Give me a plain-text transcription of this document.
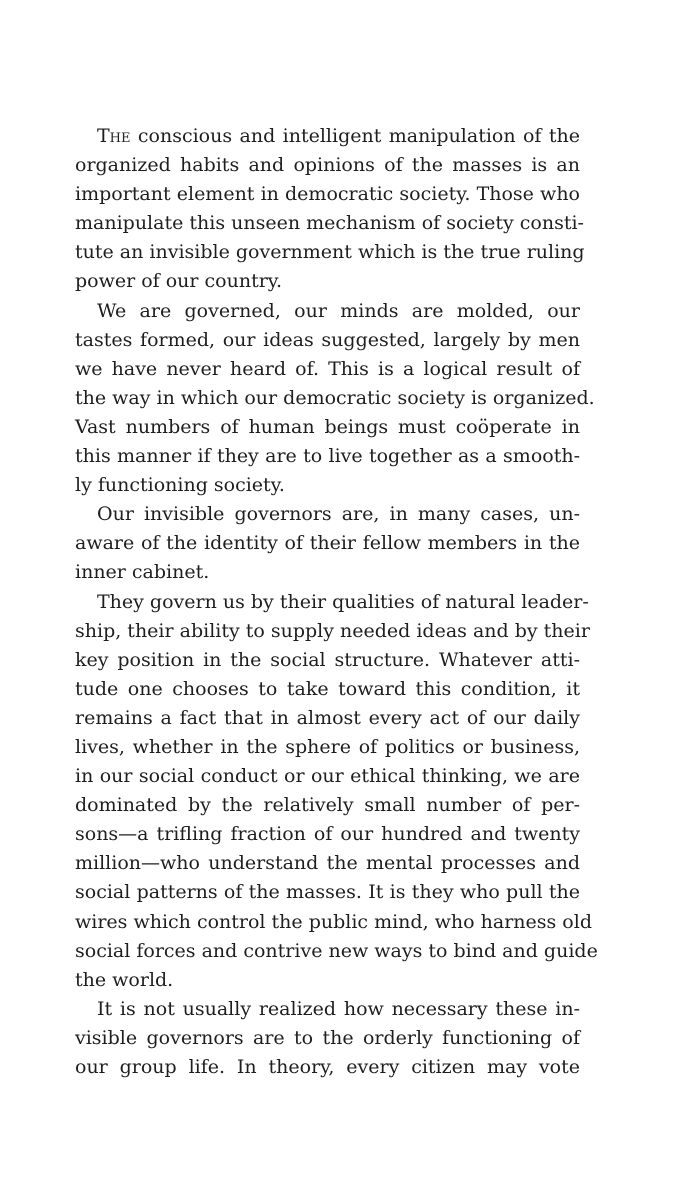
The conscious and intelligent manipulation of the
organized habits and opinions of the masses is an
important element in democratic society. Those who
manipulate this unseen mechanism of society consti-
tute an invisible government which is the true ruling
power of our country.
We are governed, our minds are molded, our
tastes formed, our ideas suggested, largely by men
we have never heard of. This is a logical result of
the way in which our democratic society is organized.
Vast numbers of human beings must coöperate in
this manner if they are to live together as a smooth-
ly functioning society.
Our invisible governors are, in many cases, un-
aware of the identity of their fellow members in the
inner cabinet.
They govern us by their qualities of natural leader-
ship, their ability to supply needed ideas and by their
key position in the social structure. Whatever atti-
tude one chooses to take toward this condition, it
remains a fact that in almost every act of our daily
lives, whether in the sphere of politics or business,
in our social conduct or our ethical thinking, we are
dominated by the relatively small number of per-
sons—a trifling fraction of our hundred and twenty
million—who understand the mental processes and
social patterns of the masses. It is they who pull the
wires which control the public mind, who harness old
social forces and contrive new ways to bind and guide
the world.
It is not usually realized how necessary these in-
visible governors are to the orderly functioning of
our group life. In theory, every citizen may vote
